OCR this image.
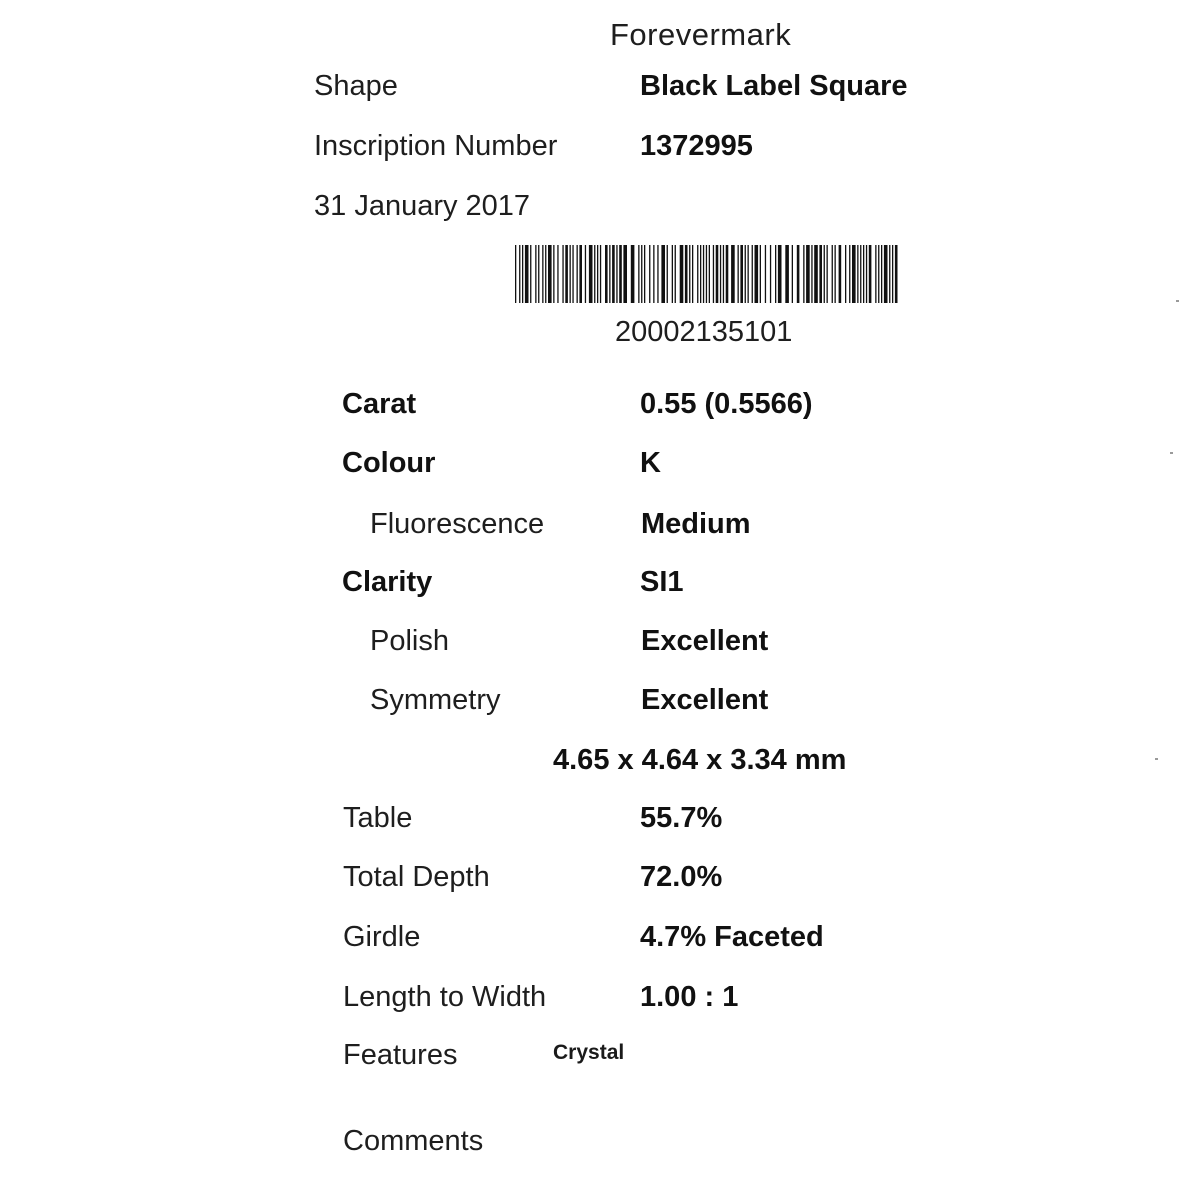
Forevermark
Shape	Black Label Square
Inscription Number	1372995
31 January 2017
20002135101
Carat	0.55 (0.5566)
Colour	K
Fluorescence	Medium
Clarity	SI1
Polish	Excellent
Symmetry	Excellent
4.65 x 4.64 x 3.34 mm
Table	55.7%
Total Depth	72.0%
Girdle	4.7% Faceted
Length to Width	1.00 : 1
Features	Crystal
Comments
